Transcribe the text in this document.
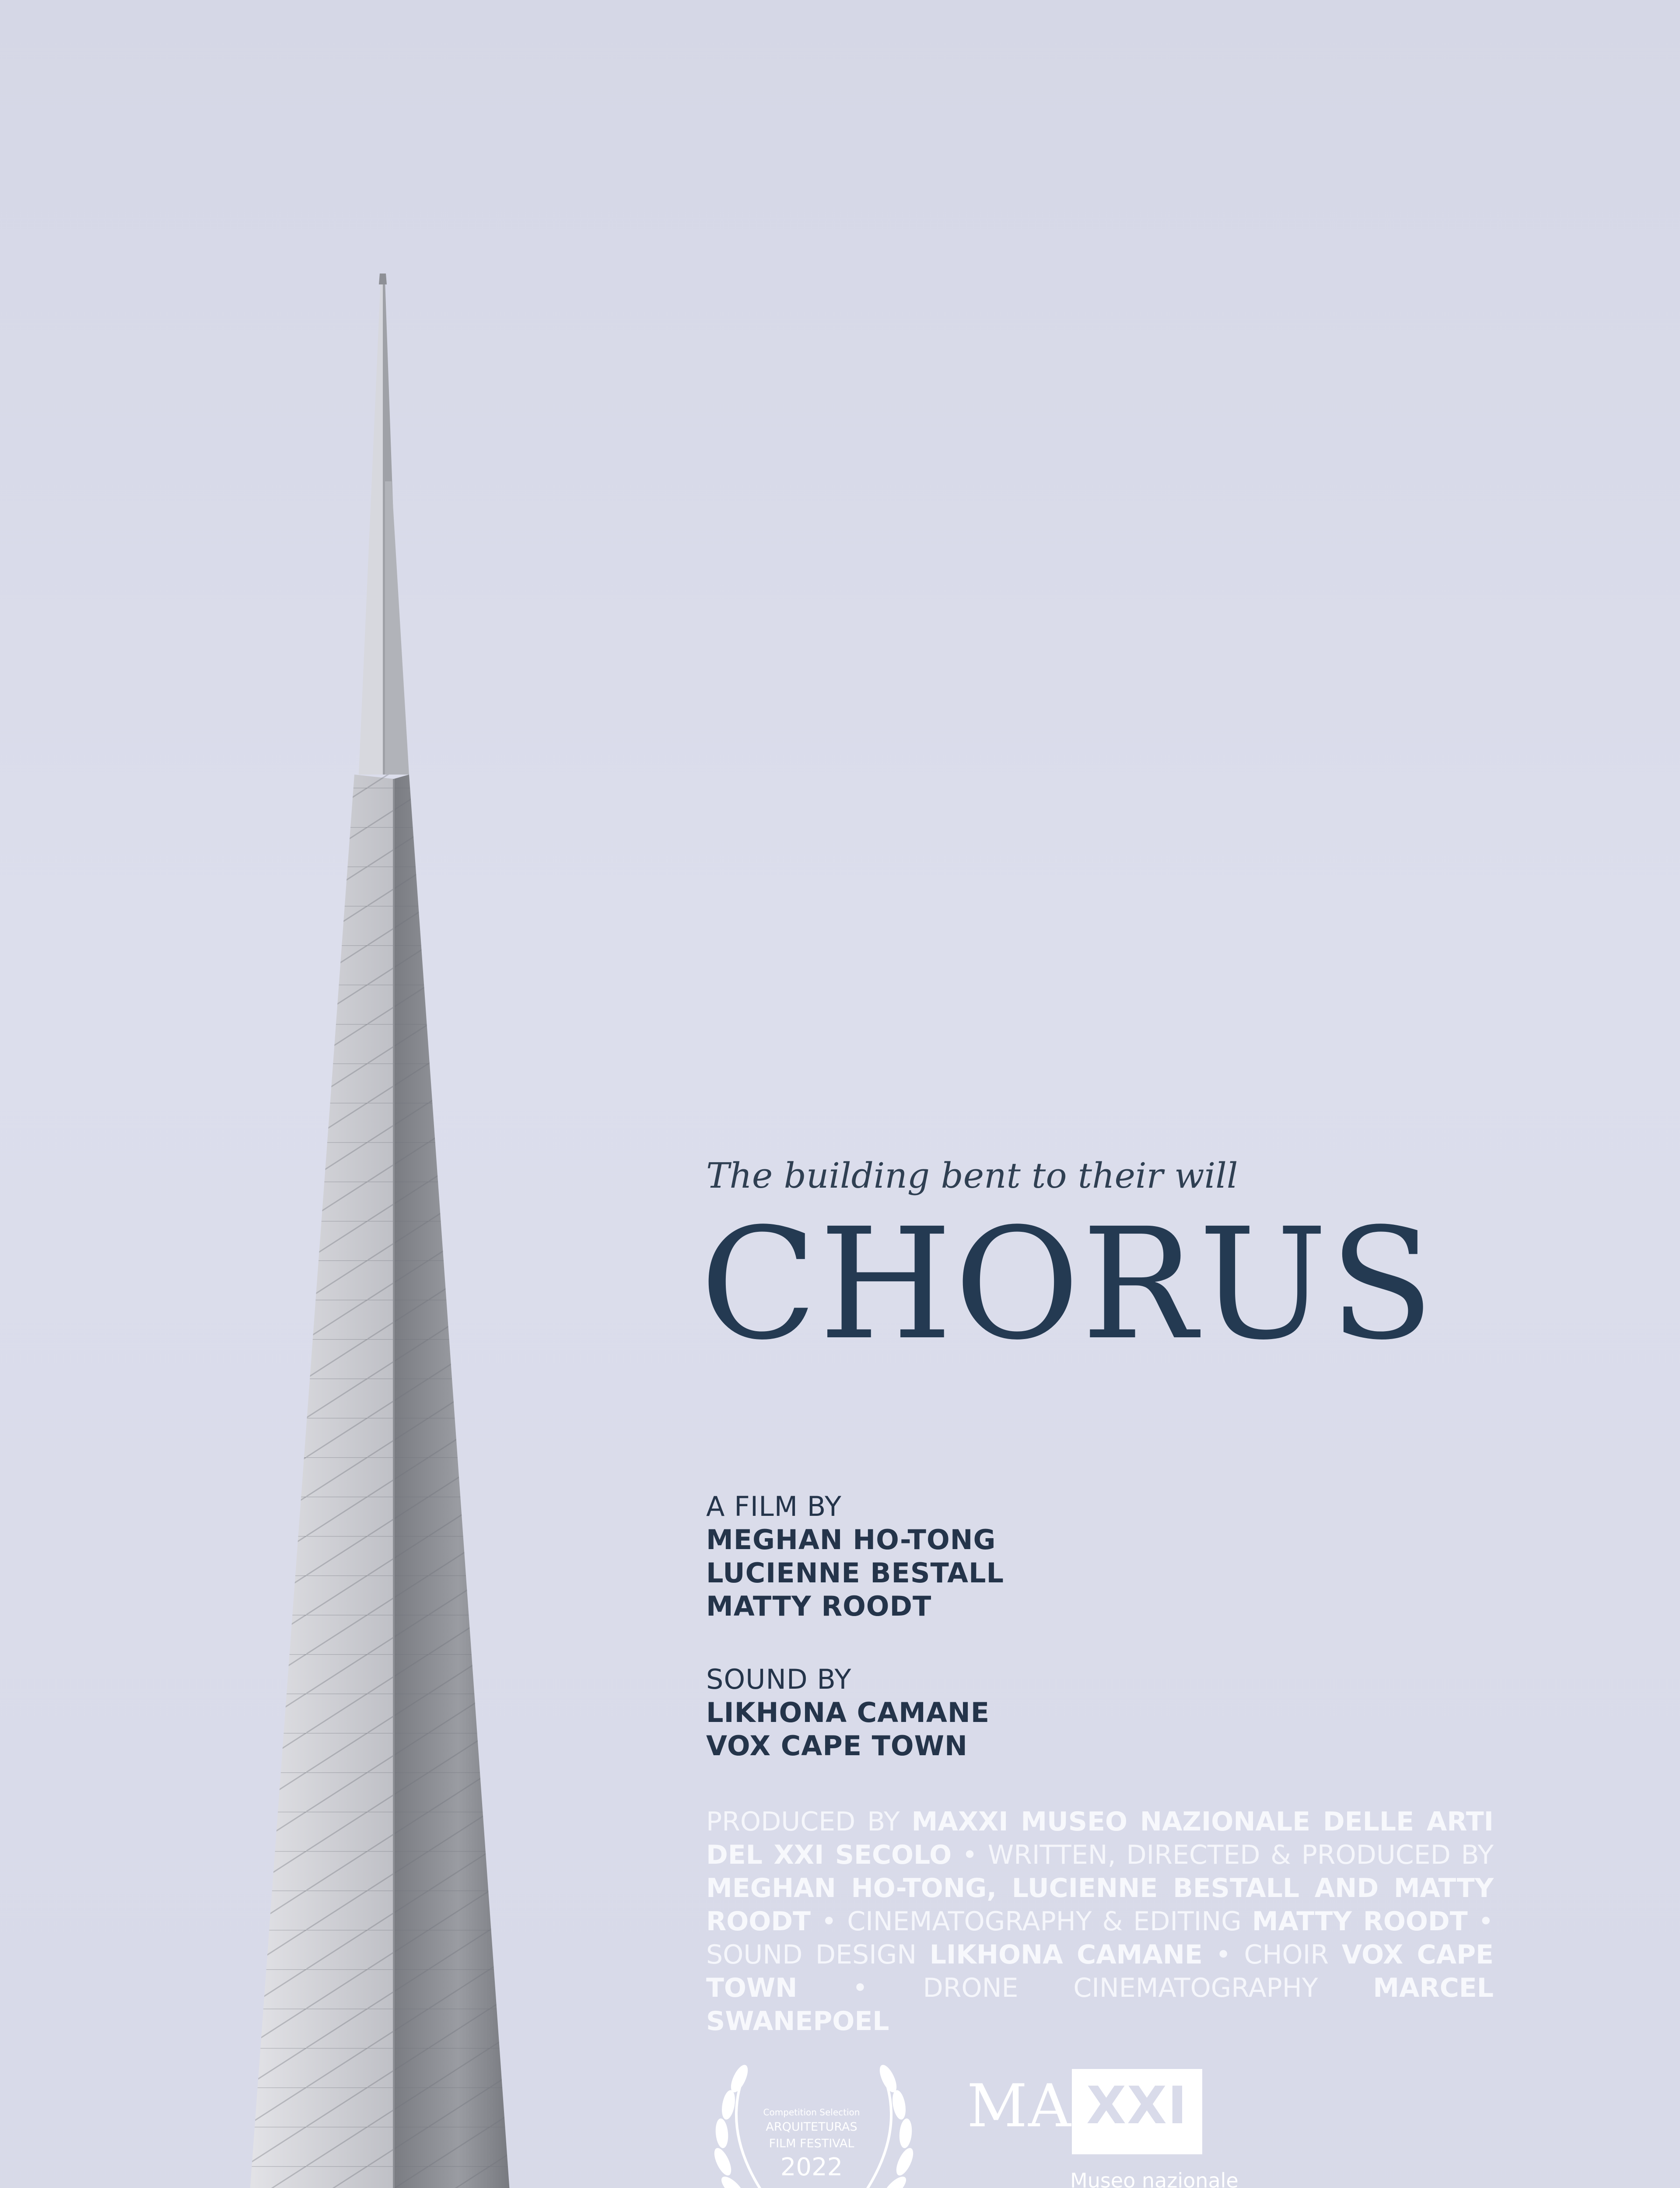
The building bent to their will
CHORUS
A FILM BY
MEGHAN HO-TONG
LUCIENNE BESTALL
MATTY ROODT
SOUND BY
LIKHONA CAMANE
VOX CAPE TOWN
PRODUCED BY MAXXI MUSEO NAZIONALE DELLE ARTI DEL XXI SECOLO • WRITTEN, DIRECTED & PRODUCED BY MEGHAN HO-TONG, LUCIENNE BESTALL AND MATTY ROODT • CINEMATOGRAPHY & EDITING MATTY ROODT • SOUND DESIGN LIKHONA CAMANE • CHOIR VOX CAPE TOWN • DRONE CINEMATOGRAPHY MARCEL SWANEPOEL
Competition Selection
ARQUITETURAS
FILM FESTIVAL
2022
MA XXI
Museo nazionale
